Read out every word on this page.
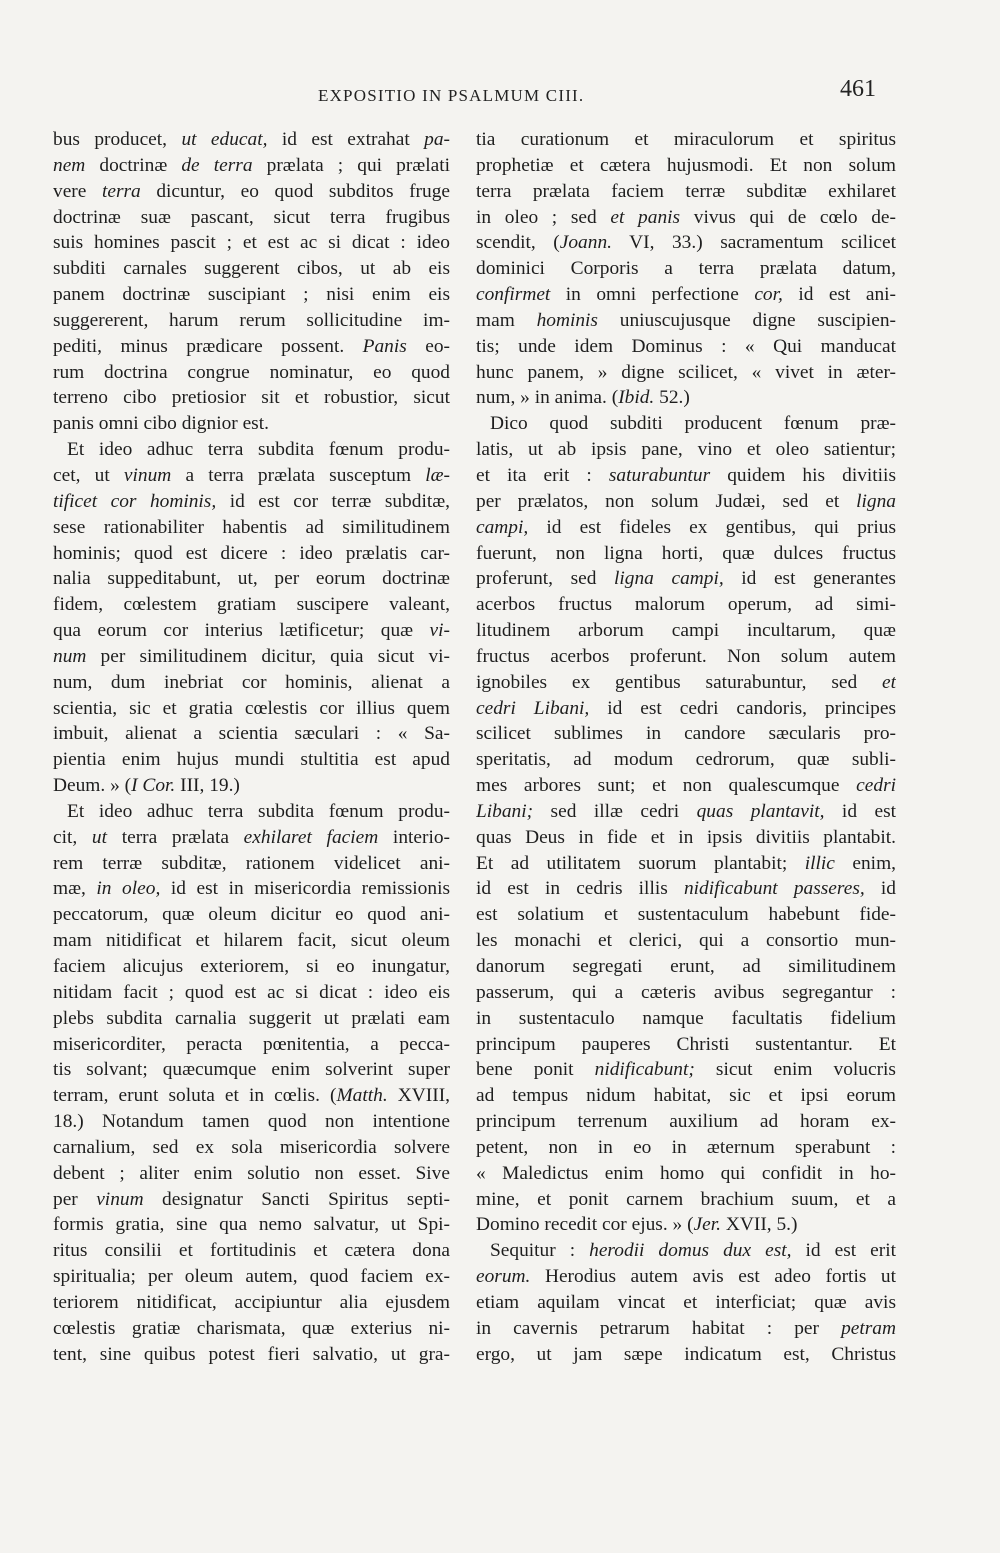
EXPOSITIO IN PSALMUM CIII.	461
bus producet, ut educat, id est extrahat pa-
nem doctrinæ de terra prælata ; qui prælati
vere terra dicuntur, eo quod subditos fruge
doctrinæ suæ pascant, sicut terra frugibus
suis homines pascit ; et est ac si dicat : ideo
subditi carnales suggerent cibos, ut ab eis
panem doctrinæ suscipiant ; nisi enim eis
suggererent, harum rerum sollicitudine im-
pediti, minus prædicare possent. Panis eo-
rum doctrina congrue nominatur, eo quod
terreno cibo pretiosior sit et robustior, sicut
panis omni cibo dignior est.
Et ideo adhuc terra subdita fœnum produ-
cet, ut vinum a terra prælata susceptum læ-
tificet cor hominis, id est cor terræ subditæ,
sese rationabiliter habentis ad similitudinem
hominis; quod est dicere : ideo prælatis car-
nalia suppeditabunt, ut, per eorum doctrinæ
fidem, cœlestem gratiam suscipere valeant,
qua eorum cor interius lætificetur; quæ vi-
num per similitudinem dicitur, quia sicut vi-
num, dum inebriat cor hominis, alienat a
scientia, sic et gratia cœlestis cor illius quem
imbuit, alienat a scientia sæculari : « Sa-
pientia enim hujus mundi stultitia est apud
Deum. » (I Cor. III, 19.)
Et ideo adhuc terra subdita fœnum produ-
cit, ut terra prælata exhilaret faciem interio-
rem terræ subditæ, rationem videlicet ani-
mæ, in oleo, id est in misericordia remissionis
peccatorum, quæ oleum dicitur eo quod ani-
mam nitidificat et hilarem facit, sicut oleum
faciem alicujus exteriorem, si eo inungatur,
nitidam facit ; quod est ac si dicat : ideo eis
plebs subdita carnalia suggerit ut prælati eam
misericorditer, peracta pœnitentia, a pecca-
tis solvant; quæcumque enim solverint super
terram, erunt soluta et in cœlis. (Matth. XVIII,
18.) Notandum tamen quod non intentione
carnalium, sed ex sola misericordia solvere
debent ; aliter enim solutio non esset. Sive
per vinum designatur Sancti Spiritus septi-
formis gratia, sine qua nemo salvatur, ut Spi-
ritus consilii et fortitudinis et cætera dona
spiritualia; per oleum autem, quod faciem ex-
teriorem nitidificat, accipiuntur alia ejusdem
cœlestis gratiæ charismata, quæ exterius ni-
tent, sine quibus potest fieri salvatio, ut gra-
tia curationum et miraculorum et spiritus
prophetiæ et cætera hujusmodi. Et non solum
terra prælata faciem terræ subditæ exhilaret
in oleo ; sed et panis vivus qui de cœlo de-
scendit, (Joann. VI, 33.) sacramentum scilicet
dominici Corporis a terra prælata datum,
confirmet in omni perfectione cor, id est ani-
mam hominis uniuscujusque digne suscipien-
tis; unde idem Dominus : « Qui manducat
hunc panem, » digne scilicet, « vivet in æter-
num, » in anima. (Ibid. 52.)
Dico quod subditi producent fœnum præ-
latis, ut ab ipsis pane, vino et oleo satientur;
et ita erit : saturabuntur quidem his divitiis
per prælatos, non solum Judæi, sed et ligna
campi, id est fideles ex gentibus, qui prius
fuerunt, non ligna horti, quæ dulces fructus
proferunt, sed ligna campi, id est generantes
acerbos fructus malorum operum, ad simi-
litudinem arborum campi incultarum, quæ
fructus acerbos proferunt. Non solum autem
ignobiles ex gentibus saturabuntur, sed et
cedri Libani, id est cedri candoris, principes
scilicet sublimes in candore sæcularis pro-
speritatis, ad modum cedrorum, quæ subli-
mes arbores sunt; et non qualescumque cedri
Libani; sed illæ cedri quas plantavit, id est
quas Deus in fide et in ipsis divitiis plantabit.
Et ad utilitatem suorum plantabit; illic enim,
id est in cedris illis nidificabunt passeres, id
est solatium et sustentaculum habebunt fide-
les monachi et clerici, qui a consortio mun-
danorum segregati erunt, ad similitudinem
passerum, qui a cæteris avibus segregantur :
in sustentaculo namque facultatis fidelium
principum pauperes Christi sustentantur. Et
bene ponit nidificabunt; sicut enim volucris
ad tempus nidum habitat, sic et ipsi eorum
principum terrenum auxilium ad horam ex-
petent, non in eo in æternum sperabunt :
« Maledictus enim homo qui confidit in ho-
mine, et ponit carnem brachium suum, et a
Domino recedit cor ejus. » (Jer. XVII, 5.)
Sequitur : herodii domus dux est, id est erit
eorum. Herodius autem avis est adeo fortis ut
etiam aquilam vincat et interficiat; quæ avis
in cavernis petrarum habitat : per petram
ergo, ut jam sæpe indicatum est, Christus
